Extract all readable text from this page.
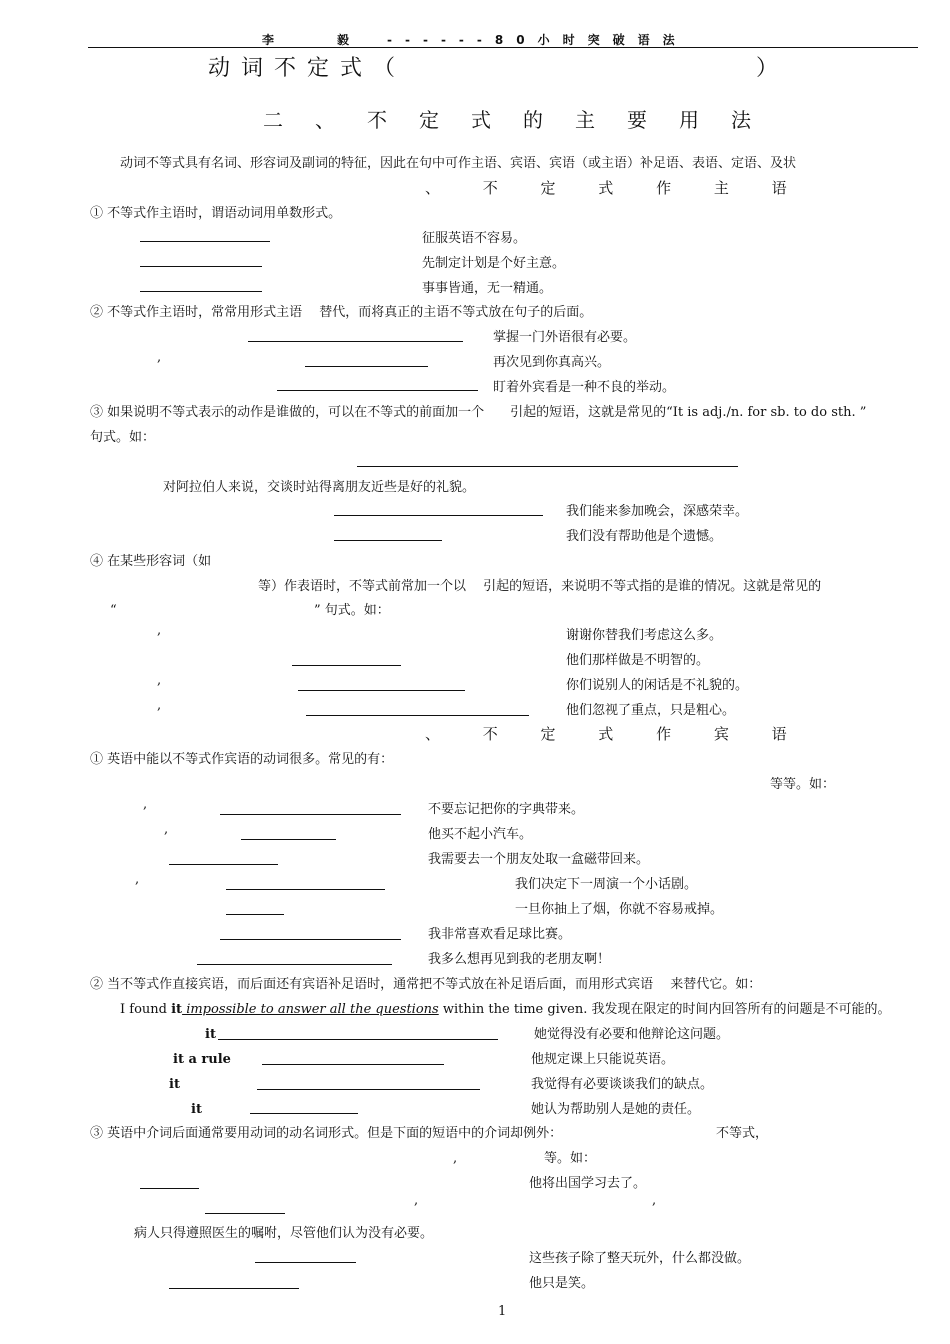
李　　毅　------80小时突破语法
动词不定式（	）
二、不定式的主要用法
动词不等式具有名词、形容词及副词的特征，因此在句中可作主语、宾语、宾语（或主语）补足语、表语、定语、及状
、 不 定 式 作 主 语
① 不等式作主语时，谓语动词用单数形式。
征服英语不容易。
先制定计划是个好主意。
事事皆通，无一精通。
② 不等式作主语时，常常用形式主语　 替代，而将真正的主语不等式放在句子的后面。
掌握一门外语很有必要。
,	再次见到你真高兴。
盯着外宾看是一种不良的举动。
③ 如果说明不等式表示的动作是谁做的，可以在不等式的前面加一个　　引起的短语，这就是常见的“It is adj./n. for sb. to do sth. ”
句式。如：
对阿拉伯人来说，交谈时站得离朋友近些是好的礼貌。
我们能来参加晚会，深感荣幸。
我们没有帮助他是个遗憾。
④ 在某些形容词（如
等）作表语时，不等式前常加一个以　 引起的短语，来说明不等式指的是谁的情况。这就是常见的
“	” 句式。如：
,	谢谢你替我们考虑这么多。
他们那样做是不明智的。
,	你们说别人的闲话是不礼貌的。
,	他们忽视了重点，只是粗心。
、 不 定 式 作 宾 语
① 英语中能以不等式作宾语的动词很多。常见的有：
等等。如：
,	不要忘记把你的字典带来。
,	他买不起小汽车。
我需要去一个朋友处取一盒磁带回来。
,	我们决定下一周演一个小话剧。
一旦你抽上了烟，你就不容易戒掉。
我非常喜欢看足球比赛。
我多么想再见到我的老朋友啊！
② 当不等式作直接宾语，而后面还有宾语补足语时，通常把不等式放在补足语后面，而用形式宾语　 来替代它。如：
I found it impossible to answer all the questions within the time given. 我发现在限定的时间内回答所有的问题是不可能的。
it	她觉得没有必要和他辩论这问题。
it a rule	他规定课上只能说英语。
it	我觉得有必要谈谈我们的缺点。
it	她认为帮助别人是她的责任。
③ 英语中介词后面通常要用动词的动名词形式。但是下面的短语中的介词却例外：	不等式，
,	等。如：
他将出国学习去了。
,	,
病人只得遵照医生的嘱咐，尽管他们认为没有必要。
这些孩子除了整天玩外，什么都没做。
他只是笑。
1
